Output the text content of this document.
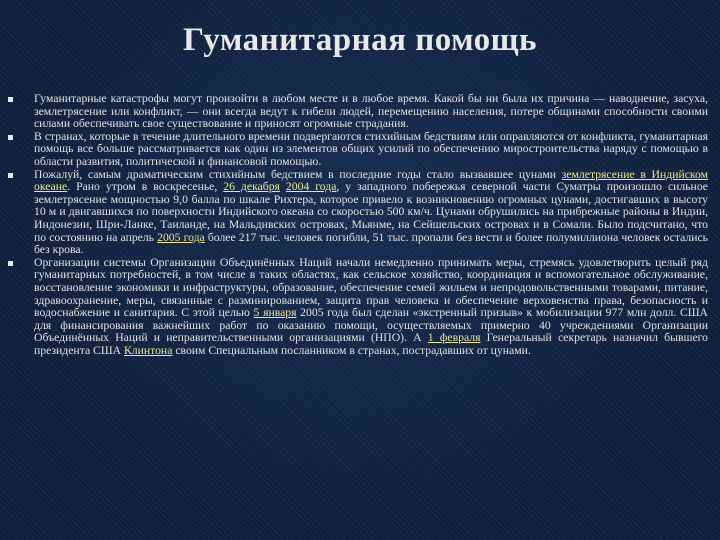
Гуманитарная помощь
Гуманитарные катастрофы могут произойти в любом месте и в любое время. Какой бы ни была их причина — наводнение, засуха, землетрясение или конфликт, — они всегда ведут к гибели людей, перемещению населения, потере общинами способности своими силами обеспечивать свое существование и приносят огромные страдания.
В странах, которые в течение длительного времени подвергаются стихийным бедствиям или оправляются от конфликта, гуманитарная помощь все больше рассматривается как один из элементов общих усилий по обеспечению миростроительства наряду с помощью в области развития, политической и финансовой помощью.
Пожалуй, самым драматическим стихийным бедствием в последние годы стало вызвавшее цунами землетрясение в Индийском океане. Рано утром в воскресенье, 26 декабря 2004 года, у западного побережья северной части Суматры произошло сильное землетрясение мощностью 9,0 балла по шкале Рихтера, которое привело к возникновению огромных цунами, достигавших в высоту 10 м и двигавшихся по поверхности Индийского океана со скоростью 500 км/ч. Цунами обрушились на прибрежные районы в Индии, Индонезии, Шри-Ланке, Таиланде, на Мальдивских островах, Мьянме, на Сейшельских островах и в Сомали. Было подсчитано, что по состоянию на апрель 2005 года более 217 тыс. человек погибли, 51 тыс. пропали без вести и более полумиллиона человек остались без крова.
Организации системы Организации Объединённых Наций начали немедленно принимать меры, стремясь удовлетворить целый ряд гуманитарных потребностей, в том числе в таких областях, как сельское хозяйство, координация и вспомогательное обслуживание, восстановление экономики и инфраструктуры, образование, обеспечение семей жильем и непродовольственными товарами, питание, здравоохранение, меры, связанные с разминированием, защита прав человека и обеспечение верховенства права, безопасность и водоснабжение и санитария. С этой целью 5 января 2005 года был сделан «экстренный призыв» к мобилизации 977 млн долл. США для финансирования важнейших работ по оказанию помощи, осуществляемых примерно 40 учреждениями Организации Объединённых Наций и неправительственными организациями (НПО). А 1 февраля Генеральный секретарь назначил бывшего президента США Клинтона своим Специальным посланником в странах, пострадавших от цунами.
